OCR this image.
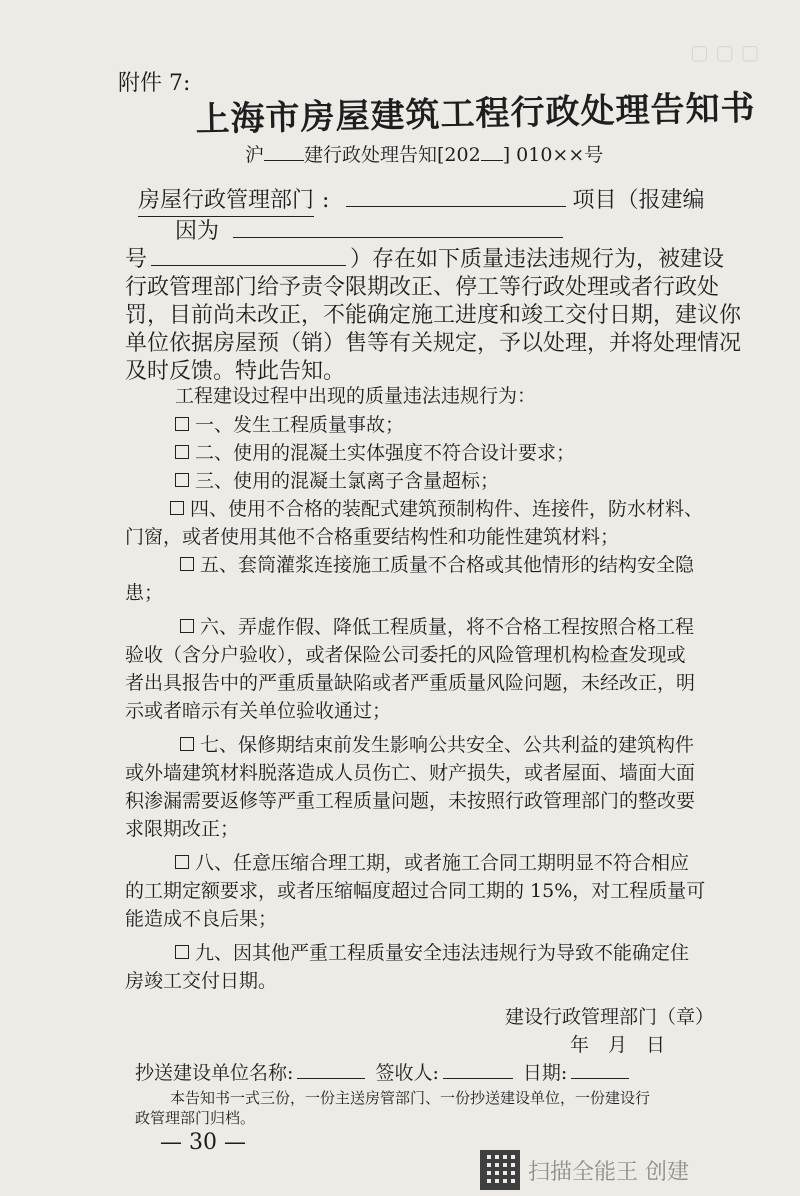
▢ ▢ ▢
附件 7:
上海市房屋建筑工程行政处理告知书
沪 建行政处理告知[202 ] 010××号
房屋行政管理部门 :	项目（报建编
因为
号	）存在如下质量违法违规行为，被建设
行政管理部门给予责令限期改正、停工等行政处理或者行政处
罚，目前尚未改正，不能确定施工进度和竣工交付日期，建议你
单位依据房屋预（销）售等有关规定，予以处理，并将处理情况
及时反馈。特此告知。
工程建设过程中出现的质量违法违规行为：
一、发生工程质量事故；
二、使用的混凝土实体强度不符合设计要求；
三、使用的混凝土氯离子含量超标；
四、使用不合格的装配式建筑预制构件、连接件，防水材料、
门窗，或者使用其他不合格重要结构性和功能性建筑材料；
五、套筒灌浆连接施工质量不合格或其他情形的结构安全隐
患；
六、弄虚作假、降低工程质量，将不合格工程按照合格工程
验收（含分户验收），或者保险公司委托的风险管理机构检查发现或
者出具报告中的严重质量缺陷或者严重质量风险问题，未经改正，明
示或者暗示有关单位验收通过；
七、保修期结束前发生影响公共安全、公共利益的建筑构件
或外墙建筑材料脱落造成人员伤亡、财产损失，或者屋面、墙面大面
积渗漏需要返修等严重工程质量问题，未按照行政管理部门的整改要
求限期改正；
八、任意压缩合理工期，或者施工合同工期明显不符合相应
的工期定额要求，或者压缩幅度超过合同工期的 15%，对工程质量可
能造成不良后果；
九、因其他严重工程质量安全违法违规行为导致不能确定住
房竣工交付日期。
建设行政管理部门（章）
年　月　日
抄送建设单位名称:	签收人:	日期:
本告知书一式三份，一份主送房管部门、一份抄送建设单位，一份建设行
政管理部门归档。
— 30 —
扫描全能王 创建
